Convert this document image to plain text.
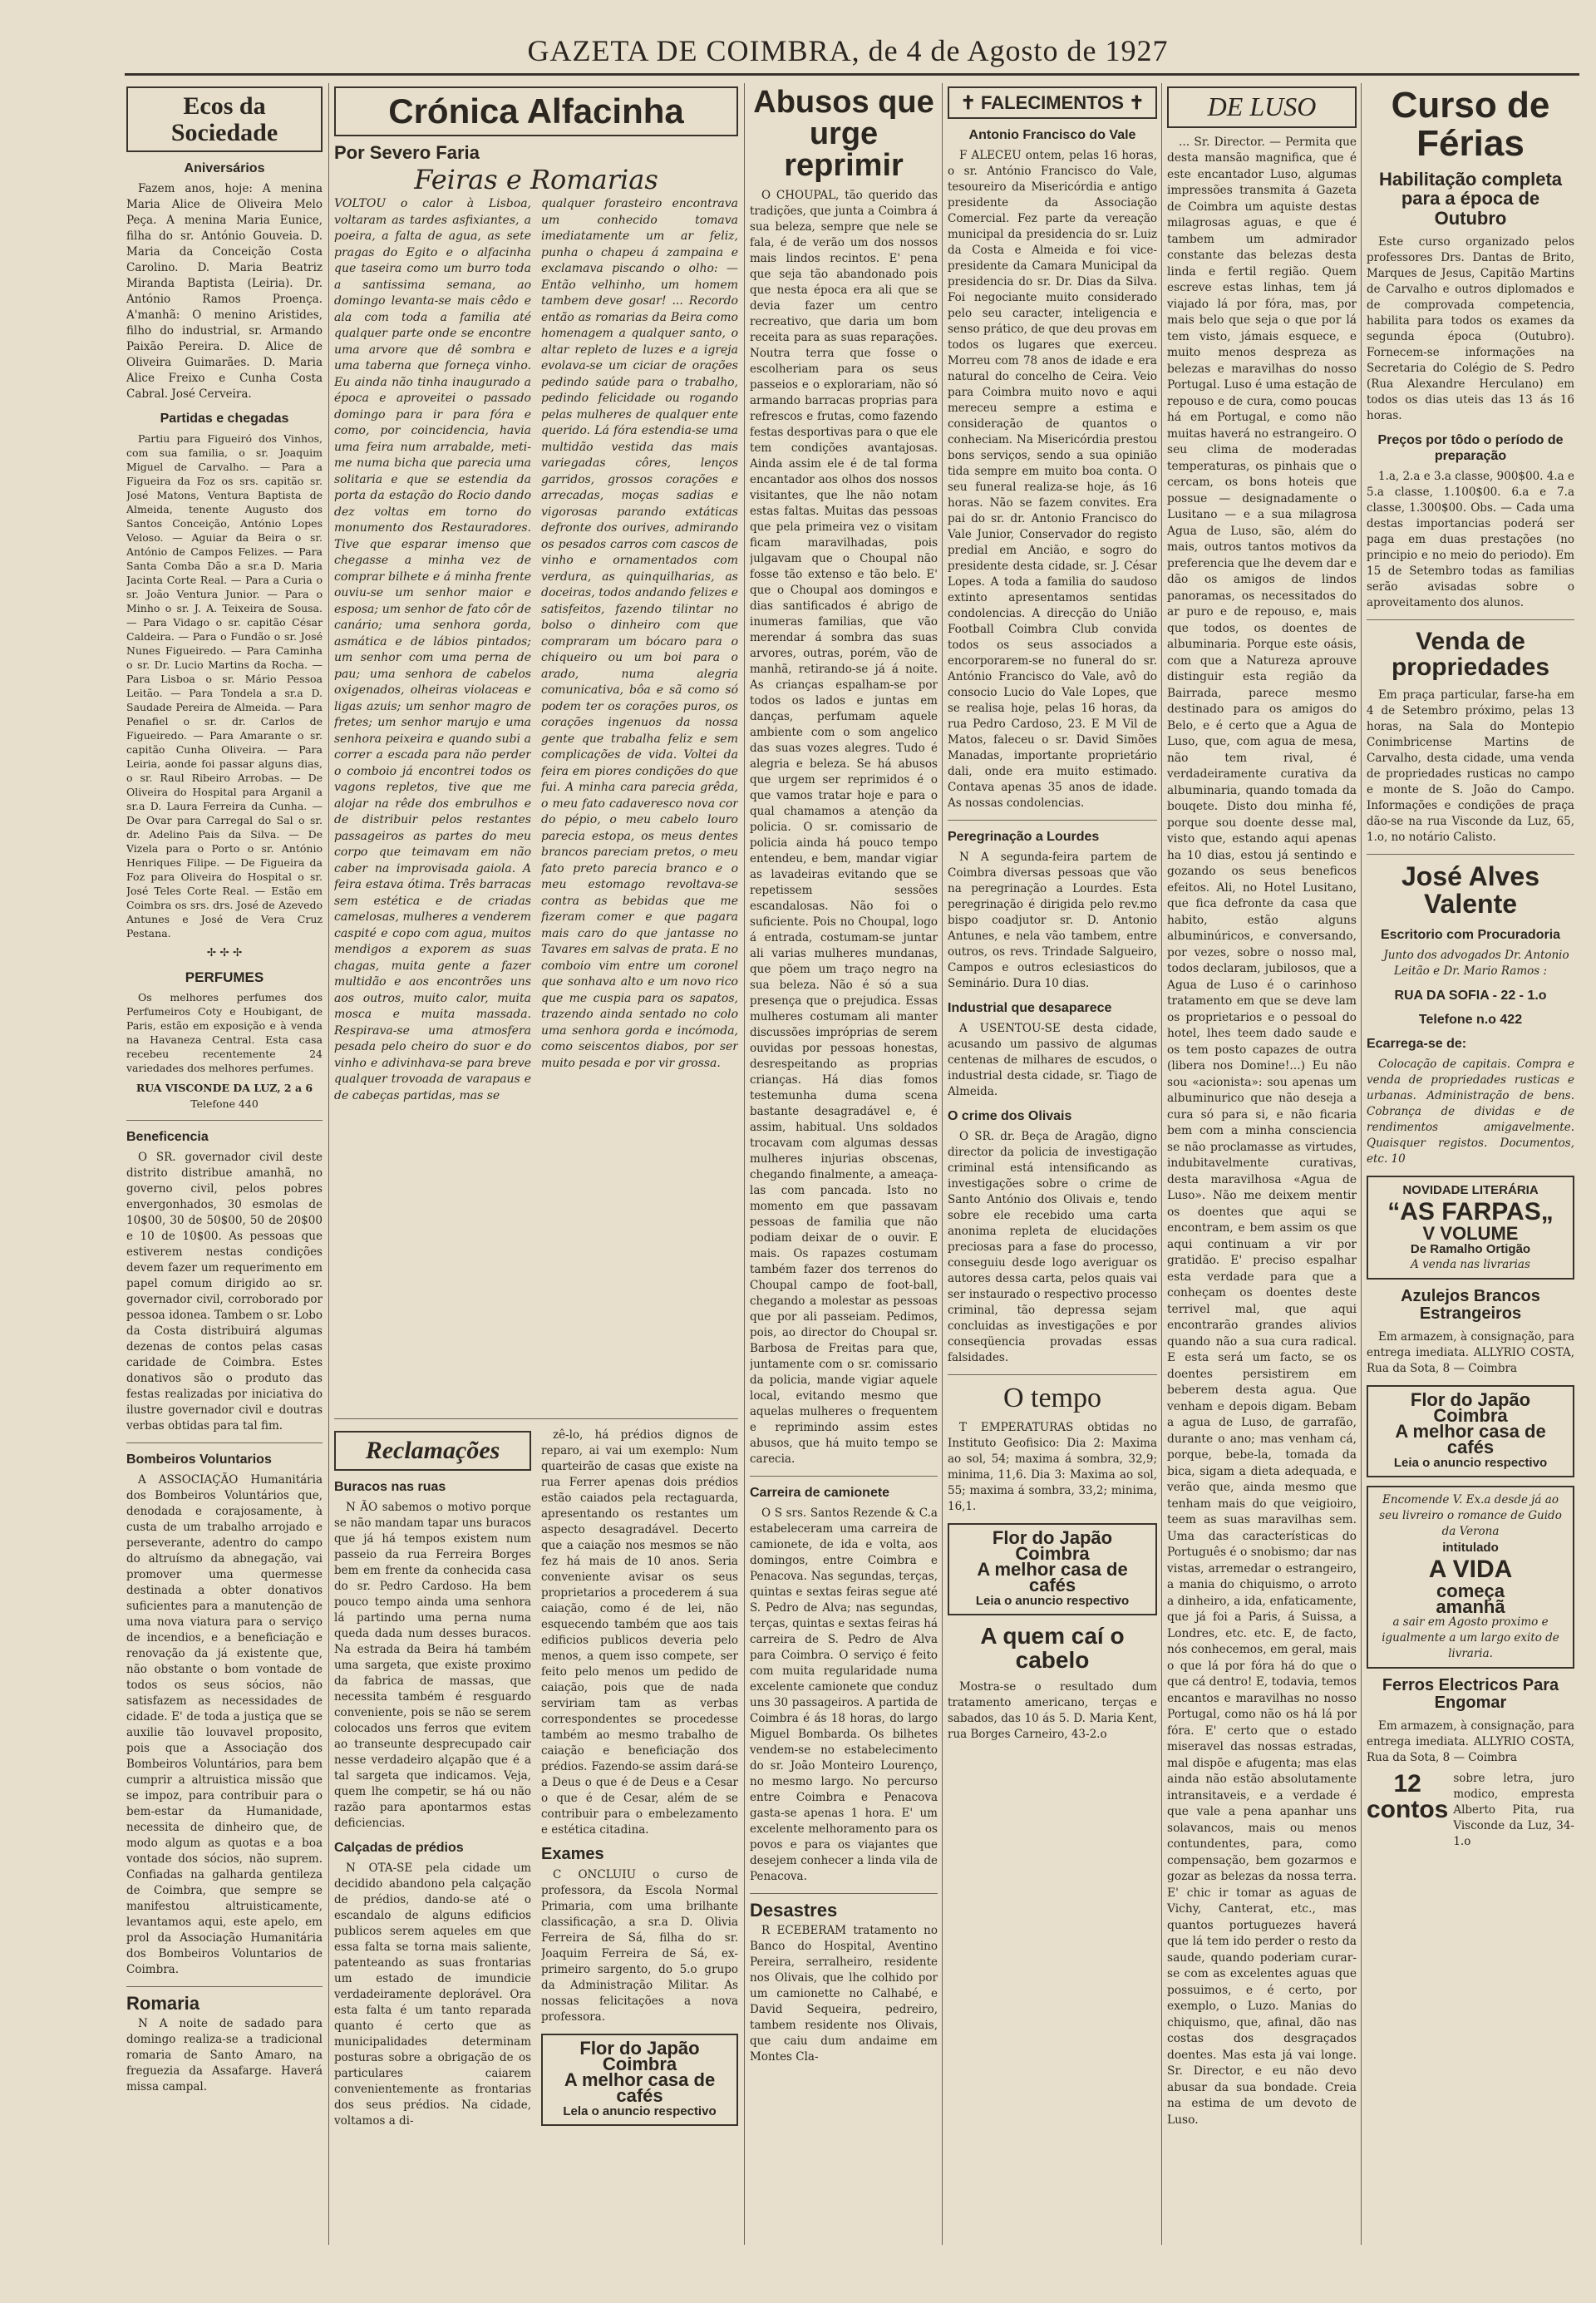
GAZETA DE COIMBRA, de 4 de Agosto de 1927
Ecos da Sociedade
Aniversários

Fazem anos, hoje: A menina Maria Alice de Oliveira Melo Peça. A menina Maria Eunice, filha do sr. António Gouveia. D. Maria da Conceição Costa Carolino. D. Maria Beatriz Miranda Baptista (Leiria). Dr. António Ramos Proença. A'manhã: O menino Aristides, filho do industrial, sr. Armando Paixão Pereira. D. Alice de Oliveira Guimarães. D. Maria Alice Freixo e Cunha Costa Cabral. José Cerveira.

Partidas e chegadas

Partiu para Figueiró dos Vinhos, com sua familia, o sr. Joaquim Miguel de Carvalho. — Para a Figueira da Foz os srs. capitão sr. José Matons, Ventura Baptista de Almeida, tenente Augusto dos Santos Conceição, António Lopes Veloso. — Aguiar da Beira o sr. António de Campos Felizes. — Para Santa Comba Dão a sr.a D. Maria Jacinta Corte Real. — Para a Curia o sr. João Ventura Junior. — Para o Minho o sr. J. A. Teixeira de Sousa. — Para Vidago o sr. capitão César Caldeira. — Para o Fundão o sr. José Nunes Figueiredo. — Para Caminha o sr. Dr. Lucio Martins da Rocha. — Para Lisboa o sr. Mário Pessoa Leitão. — Para Tondela a sr.a D. Saudade Pereira de Almeida. — Para Penafiel o sr. dr. Carlos de Figueiredo. — Para Amarante o sr. capitão Cunha Oliveira. — Para Leiria, aonde foi passar alguns dias, o sr. Raul Ribeiro Arrobas. — De Oliveira do Hospital para Arganil a sr.a D. Laura Ferreira da Cunha. — De Ovar para Carregal do Sal o sr. dr. Adelino Pais da Silva. — De Vizela para o Porto o sr. António Henriques Filipe. — De Figueira da Foz para Oliveira do Hospital o sr. José Teles Corte Real. — Estão em Coimbra os srs. drs. José de Azevedo Antunes e José de Vera Cruz Pestana.

✢ ✢ ✢
PERFUMES

Os melhores perfumes dos Perfumeiros Coty e Houbigant, de Paris, estão em exposição e à venda na Havaneza Central. Esta casa recebeu recentemente 24 variedades dos melhores perfumes.

RUA VISCONDE DA LUZ, 2 a 6
Telefone 440
Beneficencia

O SR. governador civil deste distrito distribue amanhã, no governo civil, pelos pobres envergonhados, 30 esmolas de 10$00, 30 de 50$00, 50 de 20$00 e 10 de 10$00. As pessoas que estiverem nestas condições devem fazer um requerimento em papel comum dirigido ao sr. governador civil, corroborado por pessoa idonea. Tambem o sr. Lobo da Costa distribuirá algumas dezenas de contos pelas casas caridade de Coimbra. Estes donativos são o produto das festas realizadas por iniciativa do ilustre governador civil e doutras verbas obtidas para tal fim.

Bombeiros Voluntarios

A ASSOCIAÇÃO Humanitária dos Bombeiros Voluntários que, denodada e corajosamente, à custa de um trabalho arrojado e perseverante, adentro do campo do altruísmo da abnegação, vai promover uma quermesse destinada a obter donativos suficientes para a manutenção de uma nova viatura para o serviço de incendios, e a beneficiação e renovação da já existente que, não obstante o bom vontade de todos os seus sócios, não satisfazem as necessidades de cidade. E' de toda a justiça que se auxilie tão louvavel proposito, pois que a Associação dos Bombeiros Voluntários, para bem cumprir a altruistica missão que se impoz, para contribuir para o bem-estar da Humanidade, necessita de dinheiro que, de modo algum as quotas e a boa vontade dos sócios, não suprem. Confiadas na galharda gentileza de Coimbra, que sempre se manifestou altruisticamente, levantamos aqui, este apelo, em prol da Associação Humanitária dos Bombeiros Voluntarios de Coimbra.

Romaria

N A noite de sadado para domingo realiza-se a tradicional romaria de Santo Amaro, na freguezia da Assafarge. Haverá missa campal.

Crónica Alfacinha
Por Severo Faria
Feiras e Romarias
VOLTOU o calor à Lisboa, voltaram as tardes asfixiantes, a poeira, a falta de agua, as sete pragas do Egito e o alfacinha que taseira como um burro toda a santissima semana, ao domingo levanta-se mais cêdo e ala com toda a familia até qualquer parte onde se encontre uma arvore que dê sombra e uma taberna que forneça vinho. Eu ainda não tinha inaugurado a época e aproveitei o passado domingo para ir para fóra e como, por coincidencia, havia uma feira num arrabalde, meti-me numa bicha que parecia uma solitaria e que se estendia da porta da estação do Rocio dando dez voltas em torno do monumento dos Restauradores. Tive que esparar imenso que chegasse a minha vez de comprar bilhete e á minha frente ouviu-se um senhor maior e esposa; um senhor de fato côr de canário; uma senhora gorda, asmática e de lábios pintados; um senhor com uma perna de pau; uma senhora de cabelos oxigenados, olheiras violaceas e ligas azuis; um senhor magro de fretes; um senhor marujo e uma senhora peixeira e quando subi a correr a escada para não perder o comboio já encontrei todos os vagons repletos, tive que me alojar na rêde dos embrulhos e de distribuir pelos restantes passageiros as partes do meu corpo que teimavam em não caber na improvisada gaiola. A feira estava ótima. Três barracas sem estética e de criadas camelosas, mulheres a venderem caspité e copo com agua, muitos mendigos a exporem as suas chagas, muita gente a fazer multidão e aos encontrões uns aos outros, muito calor, muita mosca e muita massada. Respirava-se uma atmosfera pesada pelo cheiro do suor e do vinho e adivinhava-se para breve qualquer trovoada de varapaus e de cabeças partidas, mas se
qualquer forasteiro encontrava um conhecido tomava imediatamente um ar feliz, punha o chapeu á zampaina e exclamava piscando o olho: — Então velhinho, um homem tambem deve gosar! ... Recordo então as romarias da Beira como homenagem a qualquer santo, o altar repleto de luzes e a igreja evolava-se um ciciar de orações pedindo saúde para o trabalho, pedindo felicidade ou rogando pelas mulheres de qualquer ente querido. Lá fóra estendia-se uma multidão vestida das mais variegadas côres, lenços garridos, grossos corações e arrecadas, moças sadias e vigorosas parando extáticas defronte dos ourives, admirando os pesados carros com cascos de vinho e ornamentados com verdura, as quinquilharias, as doceiras, todos andando felizes e satisfeitos, fazendo tilintar no bolso o dinheiro com que compraram um bócaro para o chiqueiro ou um boi para o arado, numa alegria comunicativa, bôa e sã como só podem ter os corações puros, os corações ingenuos da nossa gente que trabalha feliz e sem complicações de vida. Voltei da feira em piores condições do que fui. A minha cara parecia grêda, o meu fato cadaveresco nova cor do pépio, o meu cabelo louro parecia estopa, os meus dentes brancos pareciam pretos, o meu fato preto parecia branco e o meu estomago revoltava-se contra as bebidas que me fizeram comer e que pagara mais caro do que jantasse no Tavares em salvas de prata. E no comboio vim entre um coronel que sonhava alto e um novo rico que me cuspia para os sapatos, trazendo ainda sentado no colo uma senhora gorda e incómoda, como seiscentos diabos, por ser muito pesada e por vir grossa.
Reclamações
Buracos nas ruas

N ÃO sabemos o motivo porque se não mandam tapar uns buracos que já há tempos existem num passeio da rua Ferreira Borges bem em frente da conhecida casa do sr. Pedro Cardoso. Ha bem pouco tempo ainda uma senhora lá partindo uma perna numa queda dada num desses buracos. Na estrada da Beira há também uma sargeta, que existe proximo da fabrica de massas, que necessita também é resguardo conveniente, pois se não se serem colocados uns ferros que evitem ao transeunte desprecupado cair nesse verdadeiro alçapão que é a tal sargeta que indicamos. Veja, quem lhe competir, se há ou não razão para apontarmos estas deficiencias.

Calçadas de prédios

N OTA-SE pela cidade um decidido abandono pela calçação de prédios, dando-se até o escandalo de alguns edificios publicos serem aqueles em que essa falta se torna mais saliente, patenteando as suas frontarias um estado de imundicie verdadeiramente deplorável. Ora esta falta é um tanto reparada quanto é certo que as municipalidades determinam posturas sobre a obrigação de os particulares caiarem convenientemente as frontarias dos seus prédios. Na cidade, voltamos a di-

zê-lo, há prédios dignos de reparo, ai vai um exemplo: Num quarteirão de casas que existe na rua Ferrer apenas dois prédios estão caiados pela rectaguarda, apresentando os restantes um aspecto desagradável. Decerto que a caiação nos mesmos se não fez há mais de 10 anos. Seria conveniente avisar os seus proprietarios a procederem á sua caiação, como é de lei, não esquecendo também que aos tais edificios publicos deveria pelo menos, a quem isso compete, ser feito pelo menos um pedido de caiação, pois que de nada serviriam tam as verbas correspondentes se procedesse também ao mesmo trabalho de caiação e beneficiação dos prédios. Fazendo-se assim dará-se a Deus o que é de Deus e a Cesar o que é de Cesar, além de se contribuir para o embelezamento e estética citadina.

Exames

C ONCLUIU o curso de professora, da Escola Normal Primaria, com uma brilhante classificação, a sr.a D. Olivia Ferreira de Sá, filha do sr. Joaquim Ferreira de Sá, ex-primeiro sargento, do 5.o grupo da Administração Militar. As nossas felicitações a nova professora.

Flor do Japão
Coimbra
A melhor casa de cafés
Lela o anuncio respectivo
Abusos que urge reprimir

O CHOUPAL, tão querido das tradições, que junta a Coimbra á sua beleza, sempre que nele se fala, é de verão um dos nossos mais lindos recintos. E' pena que seja tão abandonado pois que nesta época era ali que se devia fazer um centro recreativo, que daria um bom receita para as suas reparações. Noutra terra que fosse o escolheriam para os seus passeios e o explorariam, não só armando barracas proprias para refrescos e frutas, como fazendo festas desportivas para o que ele tem condições avantajosas. Ainda assim ele é de tal forma encantador aos olhos dos nossos visitantes, que lhe não notam estas faltas. Muitas das pessoas que pela primeira vez o visitam ficam maravilhadas, pois julgavam que o Choupal não fosse tão extenso e tão belo. E' que o Choupal aos domingos e dias santificados é abrigo de inumeras familias, que vão merendar á sombra das suas arvores, outras, porém, vão de manhã, retirando-se já á noite. As crianças espalham-se por todos os lados e juntas em danças, perfumam aquele ambiente com o som angelico das suas vozes alegres. Tudo é alegria e beleza. Se há abusos que urgem ser reprimidos é o que vamos tratar hoje e para o qual chamamos a atenção da policia. O sr. comissario de policia ainda há pouco tempo entendeu, e bem, mandar vigiar as lavadeiras evitando que se repetissem sessões escandalosas. Não foi o suficiente. Pois no Choupal, logo á entrada, costumam-se juntar ali varias mulheres mundanas, que põem um traço negro na sua beleza. Não é só a sua presença que o prejudica. Essas mulheres costumam ali manter discussões impróprias de serem ouvidas por pessoas honestas, desrespeitando as proprias crianças. Há dias fomos testemunha duma scena bastante desagradável e, é assim, habitual. Uns soldados trocavam com algumas dessas mulheres injurias obscenas, chegando finalmente, a ameaça-las com pancada. Isto no momento em que passavam pessoas de familia que não podiam deixar de o ouvir. E mais. Os rapazes costumam também fazer dos terrenos do Choupal campo de foot-ball, chegando a molestar as pessoas que por ali passeiam. Pedimos, pois, ao director do Choupal sr. Barbosa de Freitas para que, juntamente com o sr. comissario da policia, mande vigiar aquele local, evitando mesmo que aquelas mulheres o frequentem e reprimindo assim estes abusos, que há muito tempo se carecia.

Carreira de camionete

O S srs. Santos Rezende & C.a estabeleceram uma carreira de camionete, de ida e volta, aos domingos, entre Coimbra e Penacova. Nas segundas, terças, quintas e sextas feiras segue até S. Pedro de Alva; nas segundas, terças, quintas e sextas feiras há carreira de S. Pedro de Alva para Coimbra. O serviço é feito com muita regularidade numa excelente camionete que conduz uns 30 passageiros. A partida de Coimbra é ás 18 horas, do largo Miguel Bombarda. Os bilhetes vendem-se no estabelecimento do sr. João Monteiro Lourenço, no mesmo largo. No percurso entre Coimbra e Penacova gasta-se apenas 1 hora. E' um excelente melhoramento para os povos e para os viajantes que desejem conhecer a linda vila de Penacova.

Desastres

R ECEBERAM tratamento no Banco do Hospital, Aventino Pereira, serralheiro, residente nos Olivais, que lhe colhido por um camionette no Calhabé, e David Sequeira, pedreiro, tambem residente nos Olivais, que caiu dum andaime em Montes Cla-

✝ FALECIMENTOS ✝
Antonio Francisco do Vale

F ALECEU ontem, pelas 16 horas, o sr. António Francisco do Vale, tesoureiro da Misericórdia e antigo presidente da Associação Comercial. Fez parte da vereação municipal da presidencia do sr. Luiz da Costa e Almeida e foi vice-presidente da Camara Municipal da presidencia do sr. Dr. Dias da Silva. Foi negociante muito considerado pelo seu caracter, inteligencia e senso prático, de que deu provas em todos os lugares que exerceu. Morreu com 78 anos de idade e era natural do concelho de Ceira. Veio para Coimbra muito novo e aqui mereceu sempre a estima e consideração de quantos o conheciam. Na Misericórdia prestou bons serviços, sendo a sua opinião tida sempre em muito boa conta. O seu funeral realiza-se hoje, ás 16 horas. Não se fazem convites. Era pai do sr. dr. Antonio Francisco do Vale Junior, Conservador do registo predial em Ancião, e sogro do presidente desta cidade, sr. J. César Lopes. A toda a familia do saudoso extinto apresentamos sentidas condolencias. A direcção do União Football Coimbra Club convida todos os seus associados a encorporarem-se no funeral do sr. António Francisco do Vale, avô do consocio Lucio do Vale Lopes, que se realisa hoje, pelas 16 horas, da rua Pedro Cardoso, 23. E M Vil de Matos, faleceu o sr. David Simões Manadas, importante proprietário dali, onde era muito estimado. Contava apenas 35 anos de idade. As nossas condolencias.

Peregrinação a Lourdes

N A segunda-feira partem de Coimbra diversas pessoas que vão na peregrinação a Lourdes. Esta peregrinação é dirigida pelo rev.mo bispo coadjutor sr. D. Antonio Antunes, e nela vão tambem, entre outros, os revs. Trindade Salgueiro, Campos e outros eclesiasticos do Seminário. Dura 10 dias.

Industrial que desaparece

A USENTOU-SE desta cidade, acusando um passivo de algumas centenas de milhares de escudos, o industrial desta cidade, sr. Tiago de Almeida.

O crime dos Olivais

O SR. dr. Beça de Aragão, digno director da policia de investigação criminal está intensificando as investigações sobre o crime de Santo António dos Olivais e, tendo sobre ele recebido uma carta anonima repleta de elucidações preciosas para a fase do processo, conseguiu desde logo averiguar os autores dessa carta, pelos quais vai ser instaurado o respectivo processo criminal, tão depressa sejam concluidas as investigações e por conseqüencia provadas essas falsidades.

O tempo

T EMPERATURAS obtidas no Instituto Geofisico: Dia 2: Maxima ao sol, 54; maxima á sombra, 32,9; minima, 11,6. Dia 3: Maxima ao sol, 55; maxima á sombra, 33,2; minima, 16,1.

Flor do Japão
Coimbra
A melhor casa de cafés
Leia o anuncio respectivo
A quem caí o cabelo

Mostra-se o resultado dum tratamento americano, terças e sabados, das 10 ás 5. D. Maria Kent, rua Borges Carneiro, 43-2.o

DE LUSO

... Sr. Director. — Permita que desta mansão magnifica, que é este encantador Luso, algumas impressões transmita á Gazeta de Coimbra um aquiste destas milagrosas aguas, e que é tambem um admirador constante das belezas desta linda e fertil região. Quem escreve estas linhas, tem já viajado lá por fóra, mas, por mais belo que seja o que por lá tem visto, jámais esquece, e muito menos despreza as belezas e maravilhas do nosso Portugal. Luso é uma estação de repouso e de cura, como poucas há em Portugal, e como não muitas haverá no estrangeiro. O seu clima de moderadas temperaturas, os pinhais que o cercam, os bons hoteis que possue — designadamente o Lusitano — e a sua milagrosa Agua de Luso, são, além do mais, outros tantos motivos da preferencia que lhe devem dar e dão os amigos de lindos panoramas, os necessitados do ar puro e de repouso, e, mais que todos, os doentes de albuminaria. Porque este oásis, com que a Natureza aprouve distinguir esta região da Bairrada, parece mesmo destinado para os amigos do Belo, e é certo que a Agua de Luso, que, com agua de mesa, não tem rival, é verdadeiramente curativa da albuminaria, quando tomada da bouqete. Disto dou minha fé, porque sou doente desse mal, visto que, estando aqui apenas ha 10 dias, estou já sentindo e gozando os seus beneficos efeitos. Ali, no Hotel Lusitano, que fica defronte da casa que habito, estão alguns albuminúricos, e conversando, por vezes, sobre o nosso mal, todos declaram, jubilosos, que a Agua de Luso é o carinhoso tratamento em que se deve lam os proprietarios e o pessoal do hotel, lhes teem dado saude e os tem posto capazes de outra (libera nos Domine!...) Eu não sou «acionista»: sou apenas um albuminurico que não deseja a cura só para si, e não ficaria bem com a minha consciencia se não proclamasse as virtudes, indubitavelmente curativas, desta maravilhosa «Agua de Luso». Não me deixem mentir os doentes que aqui se encontram, e bem assim os que aqui continuam a vir por gratidão. E' preciso espalhar esta verdade para que a conheçam os doentes deste terrivel mal, que aqui encontrarão grandes alivios quando não a sua cura radical. E esta será um facto, se os doentes persistirem em beberem desta agua. Que venham e depois digam. Bebam a agua de Luso, de garrafão, durante o ano; mas venham cá, porque, bebe-la, tomada da bica, sigam a dieta adequada, e verão que, ainda mesmo que tenham mais do que veigioiro, teem as suas maravilhas sem. Uma das características do Português é o snobismo; dar nas vistas, arremedar o estrangeiro, a mania do chiquismo, o arroto a dinheiro, a ida, enfaticamente, que já foi a Paris, á Suissa, a Londres, etc. etc. E, de facto, nós conhecemos, em geral, mais o que lá por fóra há do que o que cá dentro! E, todavia, temos encantos e maravilhas no nosso Portugal, como não os há lá por fóra. E' certo que o estado miseravel das nossas estradas, mal dispõe e afugenta; mas elas ainda não estão absolutamente intransitaveis, e a verdade é que vale a pena apanhar uns solavancos, mais ou menos contundentes, para, como compensação, bem gozarmos e gozar as belezas da nossa terra. E' chic ir tomar as aguas de Vichy, Canterat, etc., mas quantos portuguezes haverá que lá tem ido perder o resto da saude, quando poderiam curar-se com as excelentes aguas que possuimos, e é certo, por exemplo, o Luzo. Manias do chiquismo, que, afinal, dão nas costas dos desgraçados doentes. Mas esta já vai longe. Sr. Director, e eu não devo abusar da sua bondade. Creia na estima de um devoto de Luso.

Curso de Férias
Habilitação completa para a época de Outubro

Este curso organizado pelos professores Drs. Dantas de Brito, Marques de Jesus, Capitão Martins de Carvalho e outros diplomados e de comprovada competencia, habilita para todos os exames da segunda época (Outubro). Fornecem-se informações na Secretaria do Colégio de S. Pedro (Rua Alexandre Herculano) em todos os dias uteis das 13 ás 16 horas.

Preços por tôdo o período de preparação

1.a, 2.a e 3.a classe, 900$00. 4.a e 5.a classe, 1.100$00. 6.a e 7.a classe, 1.300$00. Obs. — Cada uma destas importancias poderá ser paga em duas prestações (no principio e no meio do periodo). Em 15 de Setembro todas as familias serão avisadas sobre o aproveitamento dos alunos.

Venda de propriedades

Em praça particular, farse-ha em 4 de Setembro próximo, pelas 13 horas, na Sala do Montepio Conimbricense Martins de Carvalho, desta cidade, uma venda de propriedades rusticas no campo e monte de S. João do Campo. Informações e condições de praça dão-se na rua Visconde da Luz, 65, 1.o, no notário Calisto.

José Alves Valente
Escritorio com Procuradoria

Junto dos advogados Dr. Antonio Leitão e Dr. Mario Ramos :

RUA DA SOFIA - 22 - 1.o
Telefone n.o 422
Ecarrega-se de:

Colocação de capitais. Compra e venda de propriedades rusticas e urbanas. Administração de bens. Cobrança de dividas e de rendimentos amigavelmente. Quaisquer registos. Documentos, etc. 10

NOVIDADE LITERÁRIA
“AS FARPAS„
V VOLUME
De Ramalho Ortigão
A venda nas livrarias
Azulejos Brancos Estrangeiros

Em armazem, à consignação, para entrega imediata. ALLYRIO COSTA, Rua da Sota, 8 — Coimbra

Flor do Japão
Coimbra
A melhor casa de cafés
Leia o anuncio respectivo
Encomende V. Ex.a desde já ao seu livreiro o romance de Guido da Verona
intitulado
A VIDA
começa
amanhã
a sair em Agosto proximo e igualmente a um largo exito de livraria.
Ferros Electricos Para Engomar

Em armazem, à consignação, para entrega imediata. ALLYRIO COSTA, Rua da Sota, 8 — Coimbra

12 contos

sobre letra, juro modico, empresta Alberto Pita, rua Visconde da Luz, 34-1.o
